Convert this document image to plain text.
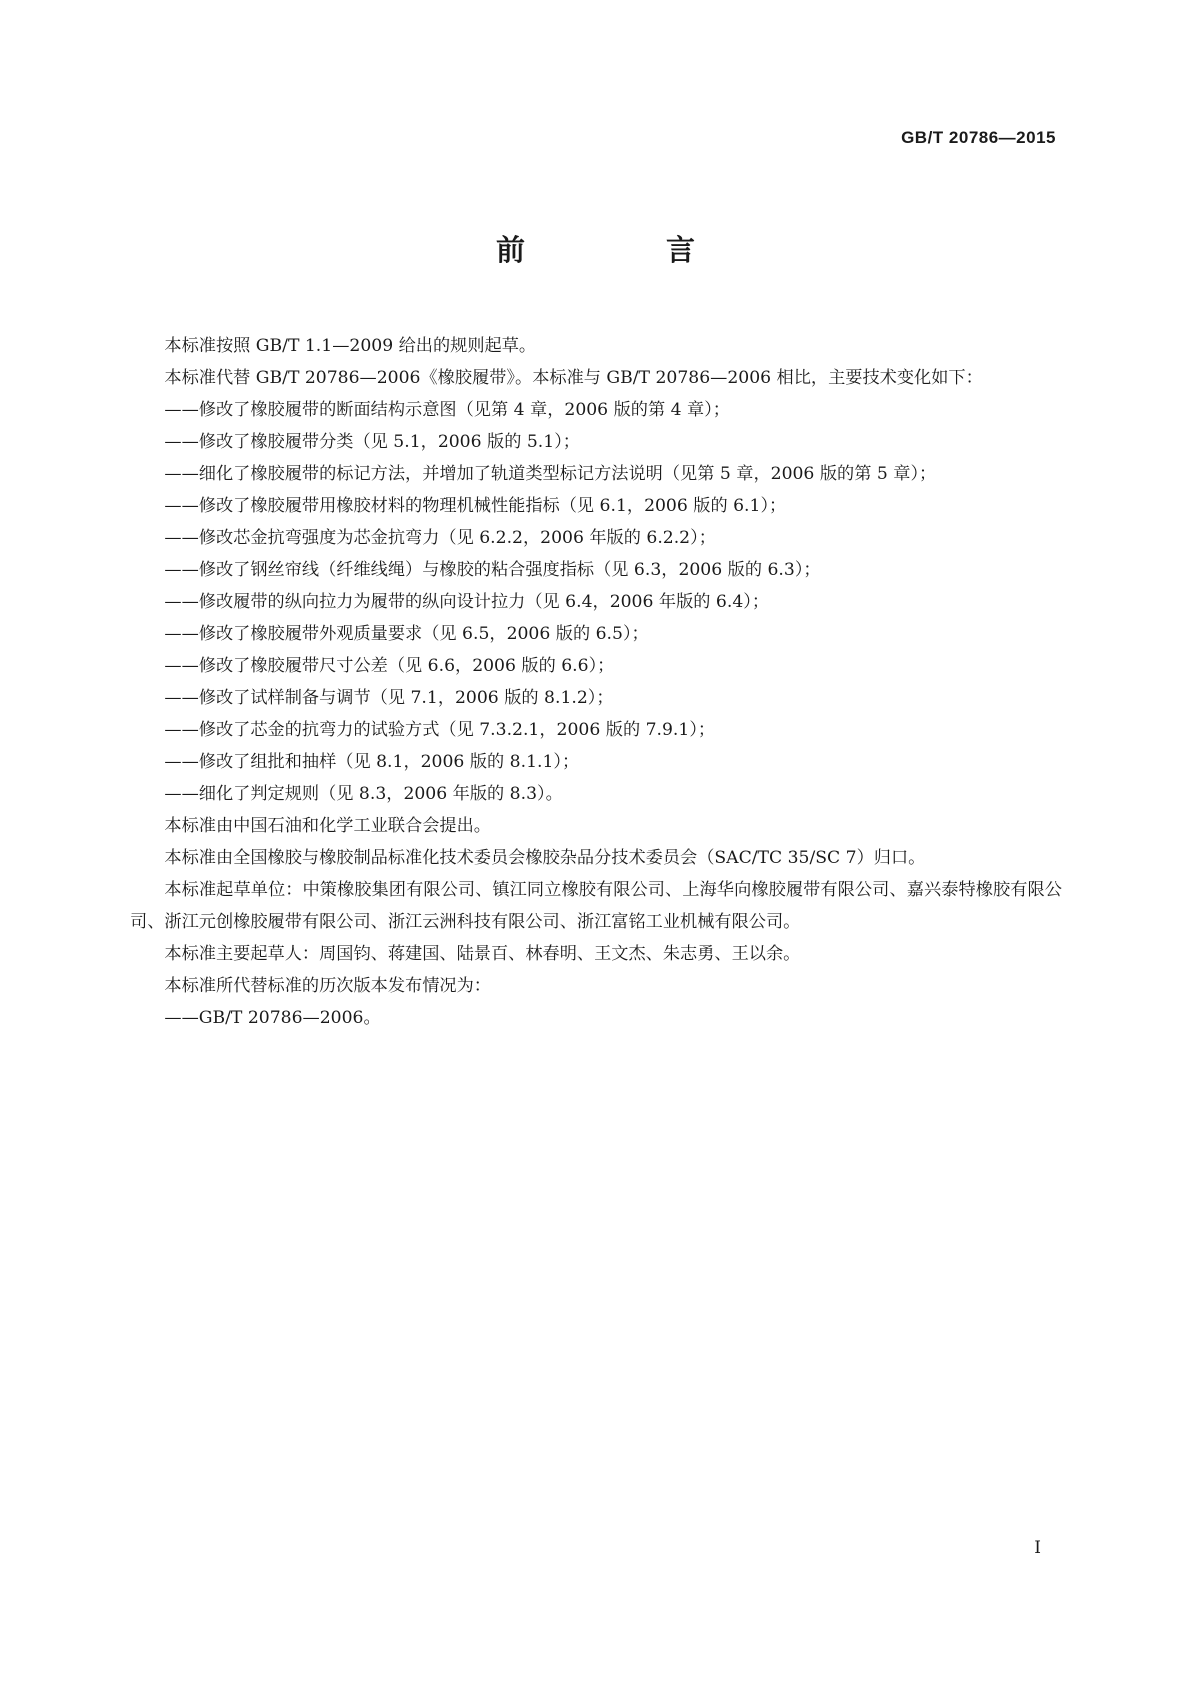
GB/T 20786—2015
前　言

本标准按照 GB/T 1.1—2009 给出的规则起草。

本标准代替 GB/T 20786—2006《橡胶履带》。本标准与 GB/T 20786—2006 相比，主要技术变化如下：

——修改了橡胶履带的断面结构示意图（见第 4 章，2006 版的第 4 章）；

——修改了橡胶履带分类（见 5.1，2006 版的 5.1）；

——细化了橡胶履带的标记方法，并增加了轨道类型标记方法说明（见第 5 章，2006 版的第 5 章）；

——修改了橡胶履带用橡胶材料的物理机械性能指标（见 6.1，2006 版的 6.1）；

——修改芯金抗弯强度为芯金抗弯力（见 6.2.2，2006 年版的 6.2.2）；

——修改了钢丝帘线（纤维线绳）与橡胶的粘合强度指标（见 6.3，2006 版的 6.3）；

——修改履带的纵向拉力为履带的纵向设计拉力（见 6.4，2006 年版的 6.4）；

——修改了橡胶履带外观质量要求（见 6.5，2006 版的 6.5）；

——修改了橡胶履带尺寸公差（见 6.6，2006 版的 6.6）；

——修改了试样制备与调节（见 7.1，2006 版的 8.1.2）；

——修改了芯金的抗弯力的试验方式（见 7.3.2.1，2006 版的 7.9.1）；

——修改了组批和抽样（见 8.1，2006 版的 8.1.1）；

——细化了判定规则（见 8.3，2006 年版的 8.3）。

本标准由中国石油和化学工业联合会提出。

本标准由全国橡胶与橡胶制品标准化技术委员会橡胶杂品分技术委员会（SAC/TC 35/SC 7）归口。

本标准起草单位：中策橡胶集团有限公司、镇江同立橡胶有限公司、上海华向橡胶履带有限公司、嘉兴泰特橡胶有限公司、浙江元创橡胶履带有限公司、浙江云洲科技有限公司、浙江富铭工业机械有限公司。

本标准主要起草人：周国钧、蒋建国、陆景百、林春明、王文杰、朱志勇、王以余。

本标准所代替标准的历次版本发布情况为：

——GB/T 20786—2006。

I
